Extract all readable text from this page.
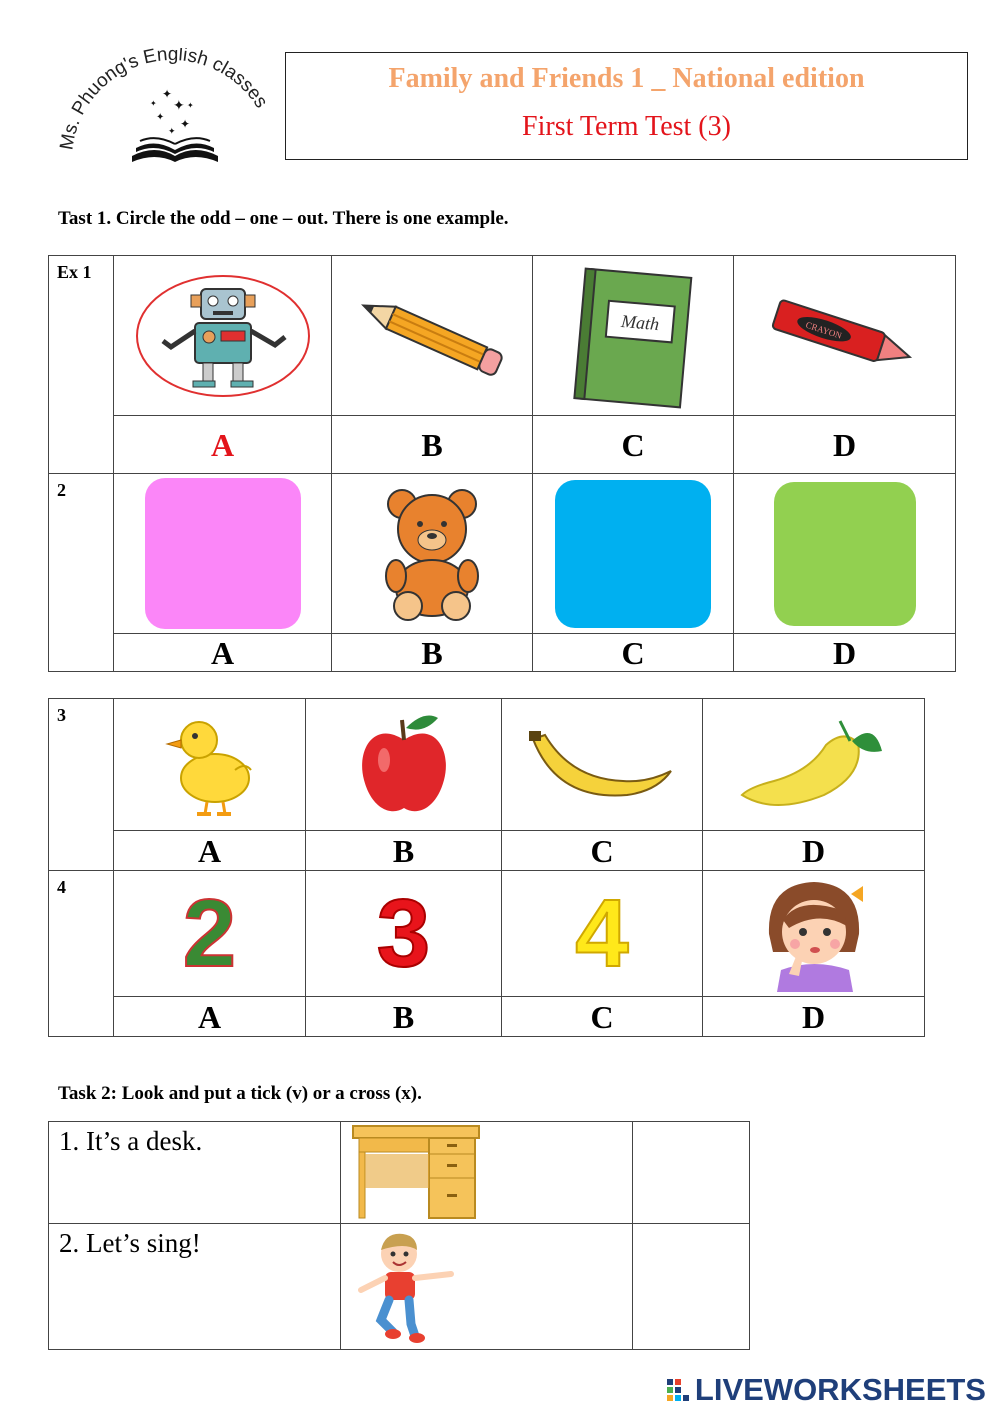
Ms. Phuong's English classes
✦
✦
✦ ✦
✦
✦
✦
Family and Friends 1 _ National edition
First Term Test (3)
Tast 1. Circle the odd – one – out. There is one example.
Ex 1			Math	CRAYON

	A	B	C	D
2	

	A	B	C	D
3	

	A	B	C	D
4	2	3	4

	A	B	C	D
Task 2: Look and put a tick (v) or a cross (x).
1. It’s a desk.	

2. Let’s sing!	

LIVEWORKSHEETS
